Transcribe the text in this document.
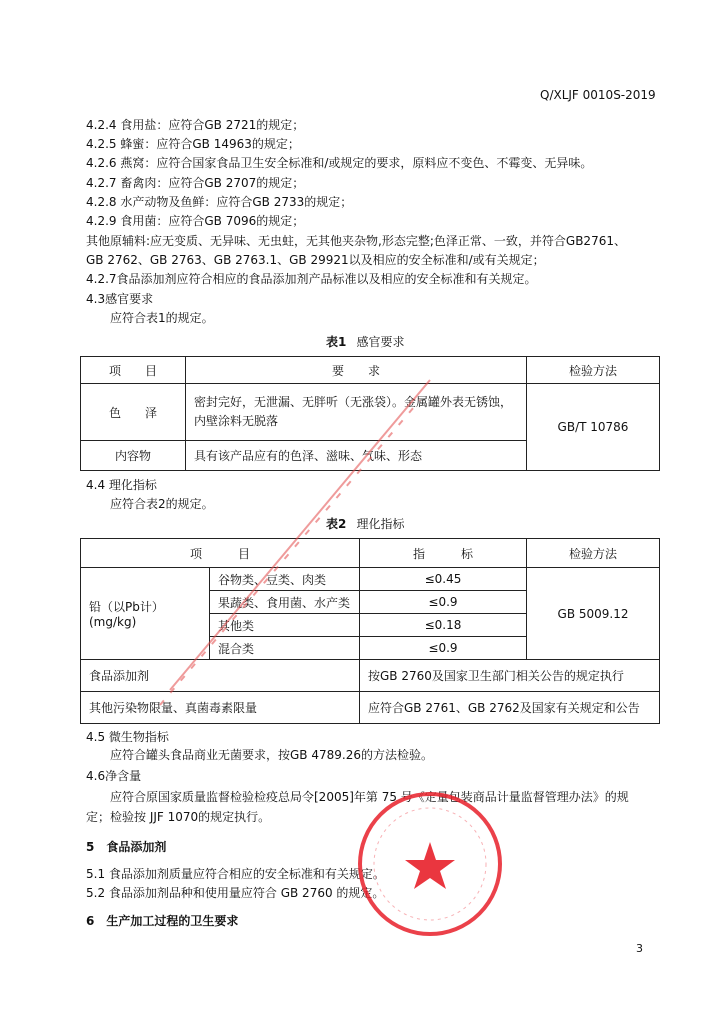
Q/XLJF 0010S-2019
4.2.4 食用盐：应符合GB 2721的规定；
4.2.5 蜂蜜：应符合GB 14963的规定；
4.2.6 燕窝：应符合国家食品卫生安全标准和/或规定的要求，原料应不变色、不霉变、无异味。
4.2.7 畜禽肉：应符合GB 2707的规定；
4.2.8 水产动物及鱼鲜：应符合GB 2733的规定；
4.2.9 食用菌：应符合GB 7096的规定；
其他原辅料:应无变质、无异味、无虫蛀，无其他夹杂物,形态完整;色泽正常、一致，并符合GB2761、
GB 2762、GB 2763、GB 2763.1、GB 29921以及相应的安全标准和/或有关规定；
4.2.7食品添加剂应符合相应的食品添加剂产品标准以及相应的安全标准和有关规定。
4.3感官要求
应符合表1的规定。
表1 感官要求
项　　目	要　　求	检验方法
色　　泽	密封完好，无泄漏、无胖听（无涨袋）。金属罐外表无锈蚀，
内壁涂料无脱落	GB/T 10786
内容物	具有该产品应有的色泽、滋味、气味、形态	
4.4 理化指标
应符合表2的规定。
表2 理化指标
项　　　目		指　　　标	检验方法
铅（以Pb计）(mg/kg)	谷物类、豆类、肉类	≤0.45	GB 5009.12
	果蔬类、食用菌、水产类	≤0.9	
	其他类	≤0.18	
	混合类	≤0.9	
食品添加剂		按GB 2760及国家卫生部门相关公告的规定执行	
其他污染物限量、真菌毒素限量		应符合GB 2761、GB 2762及国家有关规定和公告	
4.5 微生物指标
应符合罐头食品商业无菌要求，按GB 4789.26的方法检验。
4.6净含量
应符合原国家质量监督检验检疫总局令[2005]年第 75 号《定量包装商品计量监督管理办法》的规
定；检验按 JJF 1070的规定执行。
5　食品添加剂
5.1 食品添加剂质量应符合相应的安全标准和有关规定。
5.2 食品添加剂品种和使用量应符合 GB 2760 的规定。
6　生产加工过程的卫生要求
3
